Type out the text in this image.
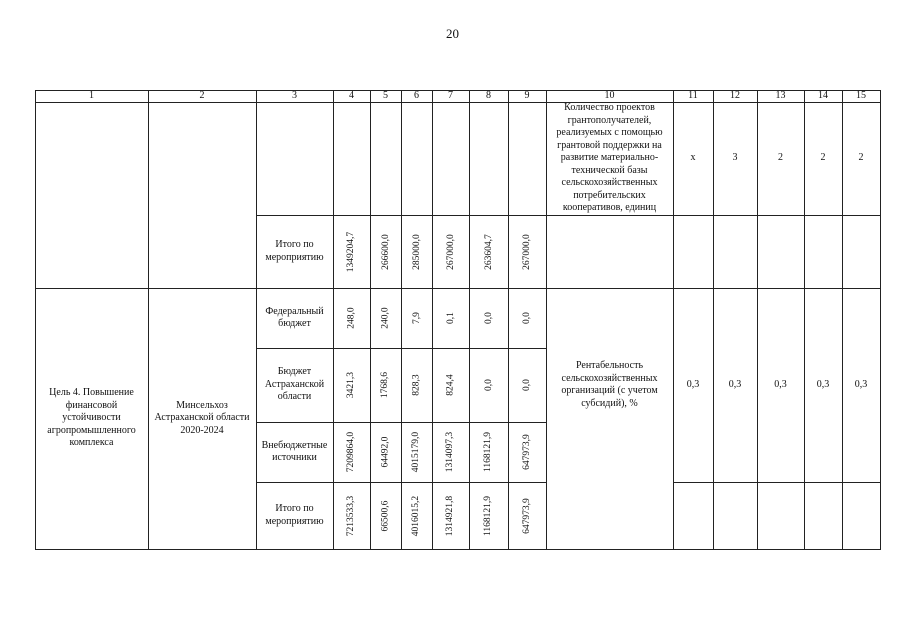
20
1	2	3	4	5	6	7	8	9	10	11	12	13	14	15
Количество проектов грантополучателей, реализуемых с помощью грантовой поддержки на развитие материально-технической базы сельскохозяйственных потребительских кооперативов, единиц
х	3	2	2	2
Итого по мероприятию	1349204,7	266600,0 285000,0	267000,0	263604,7	267000,0
Цель 4. Повышение финансовой устойчивости агропромышленного комплекса
Минсельхоз Астраханской области 2020-2024
Рентабельность сельскохозяйственных организаций (с учетом субсидий), %
0,3	0,3	0,3	0,3	0,3
Федеральный бюджет	248,0	240,0 7,9	0,1	0,0	0,0
Бюджет Астраханской области	3421,3	1768,6 828,3	824,4	0,0	0,0
Внебюджетные источники	7209864,0	64492,0 4015179,0	1314097,3	1168121,9	647973,9
Итого по мероприятию	7213533,3	66500,6 4016015,2	1314921,8	1168121,9	647973,9
